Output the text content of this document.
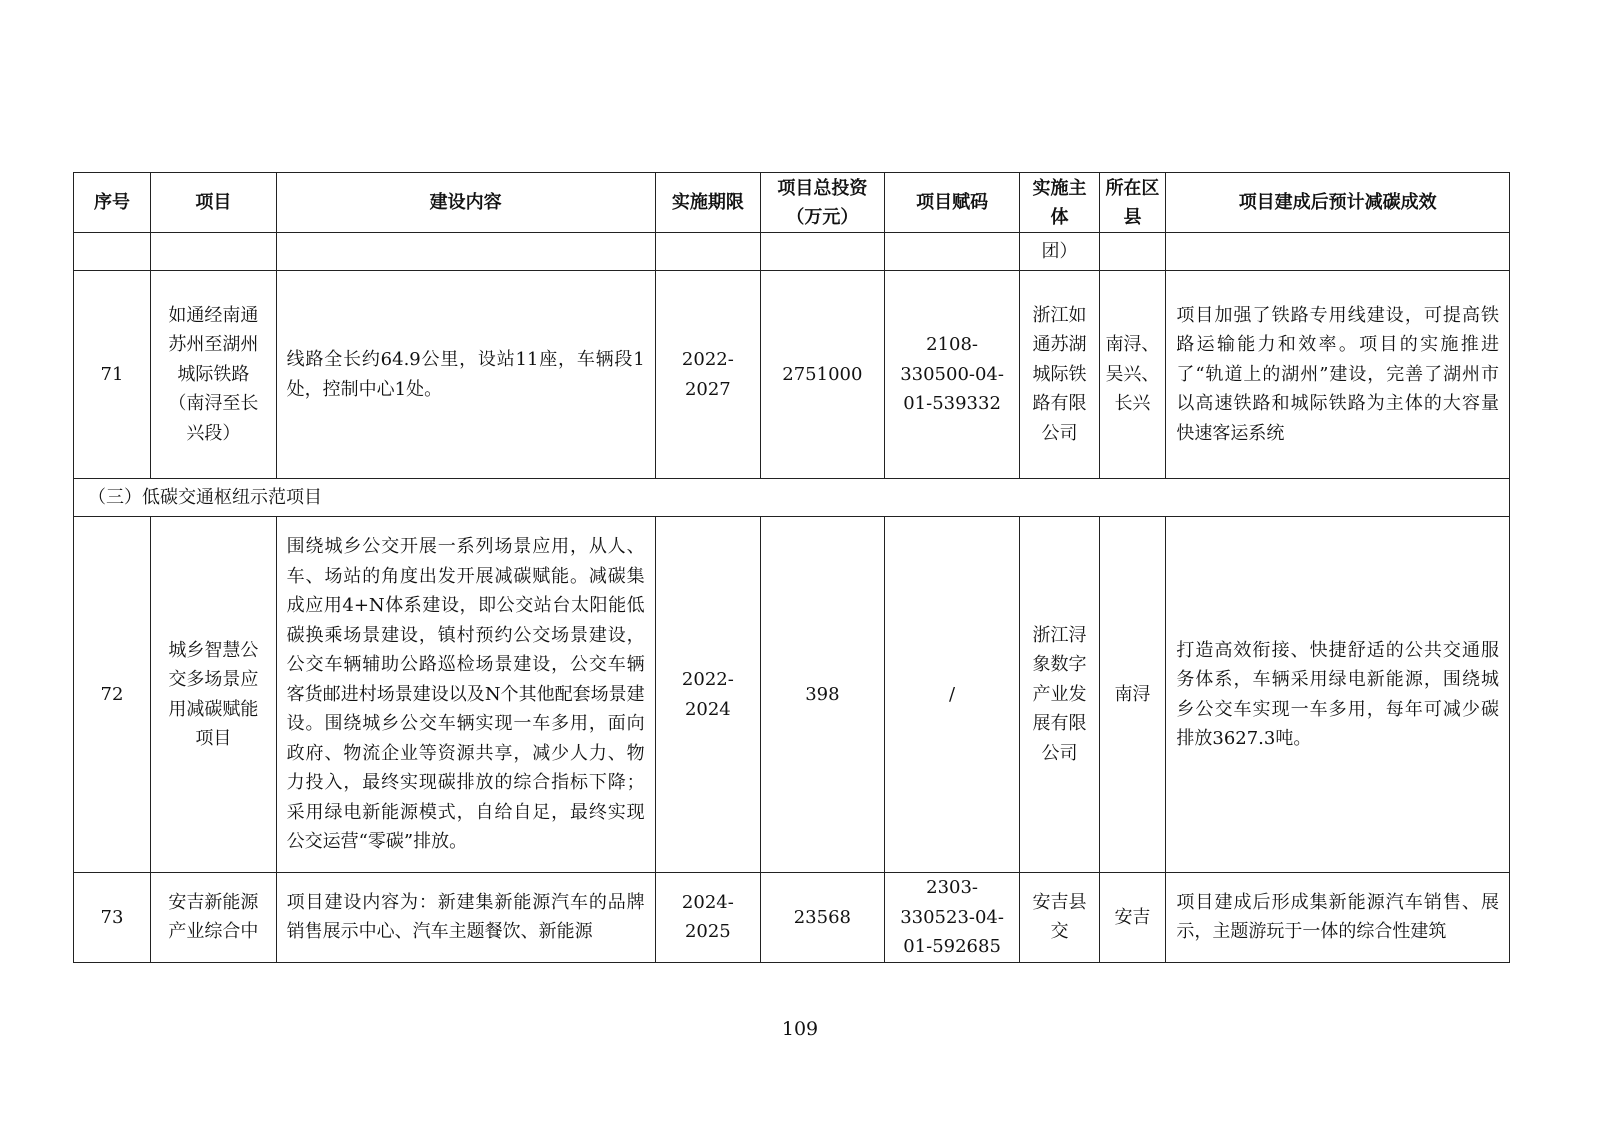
序号	项目	建设内容	实施期限	项目总投资（万元）	项目赋码	实施主体	所在区县	项目建成后预计减碳成效
						团）		
71	如通经南通苏州至湖州城际铁路（南浔至长兴段）	线路全长约64.9公里，设站11座，车辆段1处，控制中心1处。	2022-2027	2751000	2108-330500-04-01-539332	浙江如通苏湖城际铁路有限公司	南浔、吴兴、长兴	项目加强了铁路专用线建设，可提高铁路运输能力和效率。项目的实施推进了“轨道上的湖州”建设，完善了湖州市以高速铁路和城际铁路为主体的大容量快速客运系统
（三）低碳交通枢纽示范项目								
72	城乡智慧公交多场景应用减碳赋能项目	围绕城乡公交开展一系列场景应用，从人、车、场站的角度出发开展减碳赋能。减碳集成应用4+N体系建设，即公交站台太阳能低碳换乘场景建设，镇村预约公交场景建设，公交车辆辅助公路巡检场景建设，公交车辆客货邮进村场景建设以及N个其他配套场景建设。围绕城乡公交车辆实现一车多用，面向政府、物流企业等资源共享，减少人力、物力投入，最终实现碳排放的综合指标下降；采用绿电新能源模式，自给自足，最终实现公交运营“零碳”排放。	2022-2024	398	/	浙江浔象数字产业发展有限公司	南浔	打造高效衔接、快捷舒适的公共交通服务体系，车辆采用绿电新能源，围绕城乡公交车实现一车多用，每年可减少碳排放3627.3吨。
73	安吉新能源产业综合中	项目建设内容为：新建集新能源汽车的品牌销售展示中心、汽车主题餐饮、新能源	2024-2025	23568	2303-330523-04-01-592685	安吉县交	安吉	项目建成后形成集新能源汽车销售、展示，主题游玩于一体的综合性建筑
109
